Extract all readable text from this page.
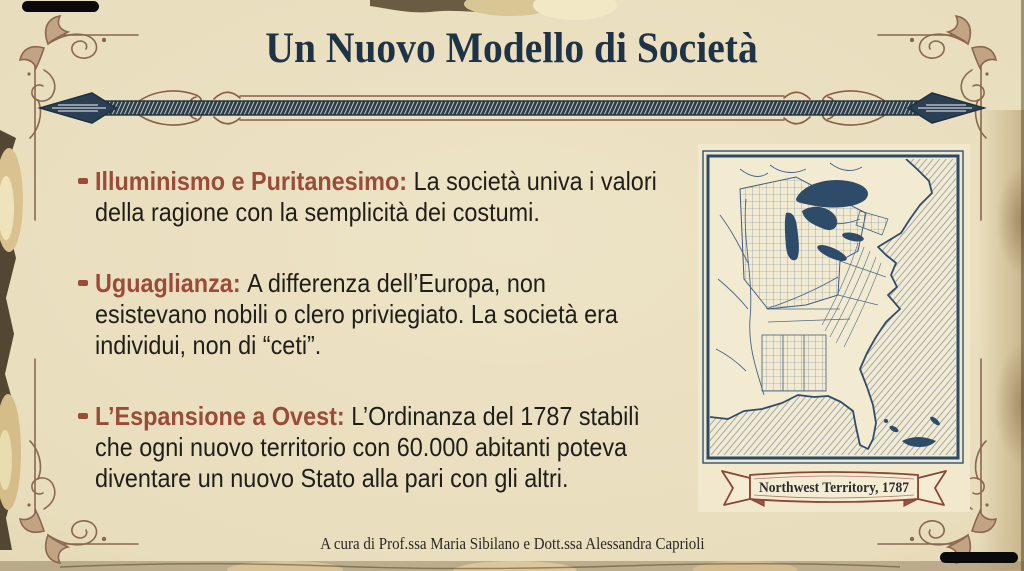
Un Nuovo Modello di Società
Illuminismo e Puritanesimo: La società univa i valori
della ragione con la semplicità dei costumi.
Uguaglianza: A differenza dell’Europa, non
esistevano nobili o clero priviegiato. La società era
individui, non di “ceti”.
L’Espansione a Ovest: L’Ordinanza del 1787 stabilì
che ogni nuovo territorio con 60.000 abitanti poteva
diventare un nuovo Stato alla pari con gli altri.	Northwest Territory, 1787
A cura di Prof.ssa Maria Sibilano e Dott.ssa Alessandra Caprioli
